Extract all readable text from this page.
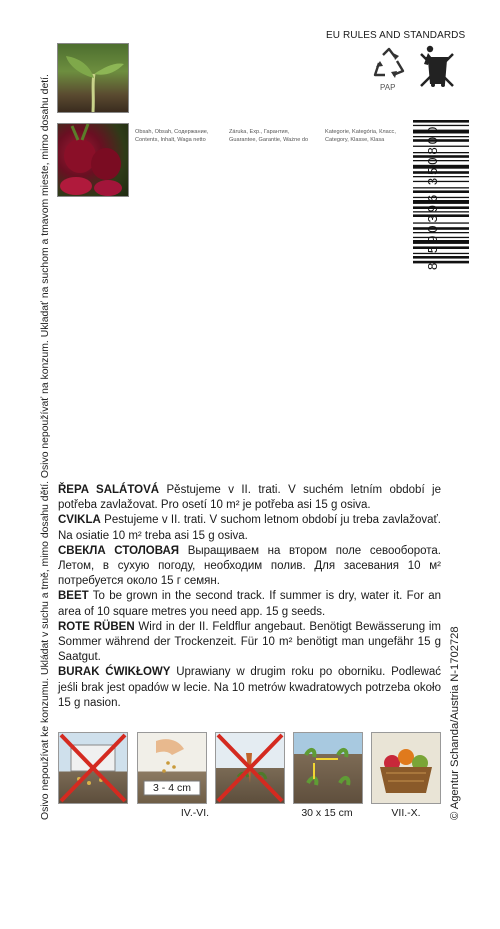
Osivo nepoužívat ke konzumu. Ukládat v suchu a tmě, mimo dosahu dětí. Osivo nepoužívať na konzum. Ukladať na suchom a tmavom mieste, mimo dosahu detí.	© Agentur Schanda/Austria N-1702728
EU RULES AND STANDARDS
PAP
Obsah, Obsah, Содержание,
Contents, Inhalt, Waga netto
Záruka, Exp., Гарантия,
Guarantee, Garantie, Ważne do
Kategorie, Kategória, Класс,
Category, Klasse, Klasa	8 590396 350800

ŘEPA SALÁTOVÁ Pěstujeme v II. trati. V suchém letním období je potřeba zavlažovat. Pro osetí 10 m² je potřeba asi 15 g osiva.

CVIKLA Pestujeme v II. trati. V suchom letnom období ju treba zavlažovať. Na osiatie 10 m² treba asi 15 g osiva.

СВЕКЛА СТОЛОВАЯ Выращиваем на втором поле севооборота. Летом, в сухую погоду, необходим полив. Для засевания 10 м² потребуется около 15 г семян.

BEET To be grown in the second track. If summer is dry, water it. For an area of 10 square metres you need app. 15 g seeds.

ROTE RÜBEN Wird in der II. Feldflur angebaut. Benötigt Bewässerung im Sommer während der Trockenzeit. Für 10 m² benötigt man ungefähr 15 g Saatgut.

BURAK ĆWIKŁOWY Uprawiany w drugim roku po oborniku. Podlewać jeśli brak jest opadów w lecie. Na 10 metrów kwadratowych potrzeba około 15 g nasion.

3 - 4 cm
IV.-VI.	30 x 15 cm	VII.-X.
